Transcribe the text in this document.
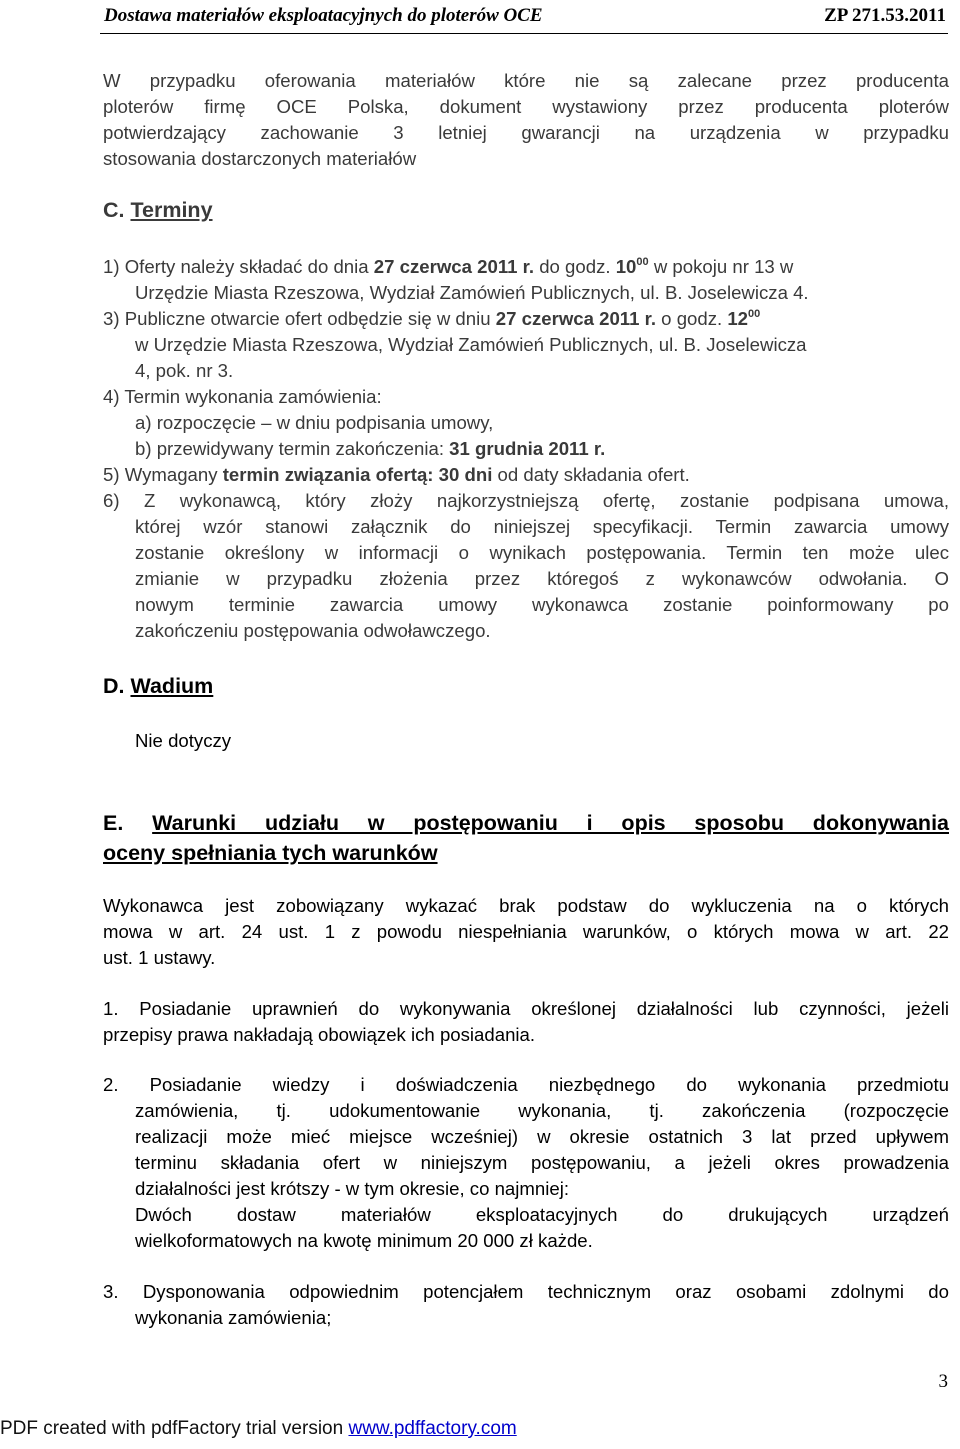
Dostawa materiałów eksploatacyjnych do ploterów OCE	ZP 271.53.2011
W przypadku oferowania materiałów które nie są zalecane przez producenta
ploterów firmę OCE Polska, dokument wystawiony przez producenta ploterów
potwierdzający zachowanie 3 letniej gwarancji na urządzenia w przypadku
stosowania dostarczonych materiałów
C. Terminy
1) Oferty należy składać do dnia 27 czerwca 2011 r. do godz. $10^{00}$ w pokoju nr 13 w
Urzędzie Miasta Rzeszowa, Wydział Zamówień Publicznych, ul. B. Joselewicza 4.
3) Publiczne otwarcie ofert odbędzie się w dniu 27 czerwca 2011 r. o godz. $12^{00}$
w Urzędzie Miasta Rzeszowa, Wydział Zamówień Publicznych, ul. B. Joselewicza
4, pok. nr 3.
4) Termin wykonania zamówienia:
a) rozpoczęcie – w dniu podpisania umowy,
b) przewidywany termin zakończenia: 31 grudnia 2011 r.
5) Wymagany termin związania ofertą: 30 dni od daty składania ofert.
6) Z wykonawcą, który złoży najkorzystniejszą ofertę, zostanie podpisana umowa,
której wzór stanowi załącznik do niniejszej specyfikacji. Termin zawarcia umowy
zostanie określony w informacji o wynikach postępowania. Termin ten może ulec
zmianie w przypadku złożenia przez któregoś z wykonawców odwołania. O
nowym terminie zawarcia umowy wykonawca zostanie poinformowany po
zakończeniu postępowania odwoławczego.
D. Wadium
Nie dotyczy
E. Warunki udziału w postępowaniu i opis sposobu dokonywania
oceny spełniania tych warunków
Wykonawca jest zobowiązany wykazać brak podstaw do wykluczenia na o których
mowa w art. 24 ust. 1 z powodu niespełniania warunków, o których mowa w art. 22
ust. 1 ustawy.
1. Posiadanie uprawnień do wykonywania określonej działalności lub czynności, jeżeli
przepisy prawa nakładają obowiązek ich posiadania.
2. Posiadanie wiedzy i doświadczenia niezbędnego do wykonania przedmiotu
zamówienia, tj. udokumentowanie wykonania, tj. zakończenia (rozpoczęcie
realizacji może mieć miejsce wcześniej) w okresie ostatnich 3 lat przed upływem
terminu składania ofert w niniejszym postępowaniu, a jeżeli okres prowadzenia
działalności jest krótszy - w tym okresie, co najmniej:
Dwóch dostaw materiałów eksploatacyjnych do drukujących urządzeń
wielkoformatowych na kwotę minimum 20 000 zł każde.
3. Dysponowania odpowiednim potencjałem technicznym oraz osobami zdolnymi do
wykonania zamówienia;
3
PDF created with pdfFactory trial version www.pdffactory.com
